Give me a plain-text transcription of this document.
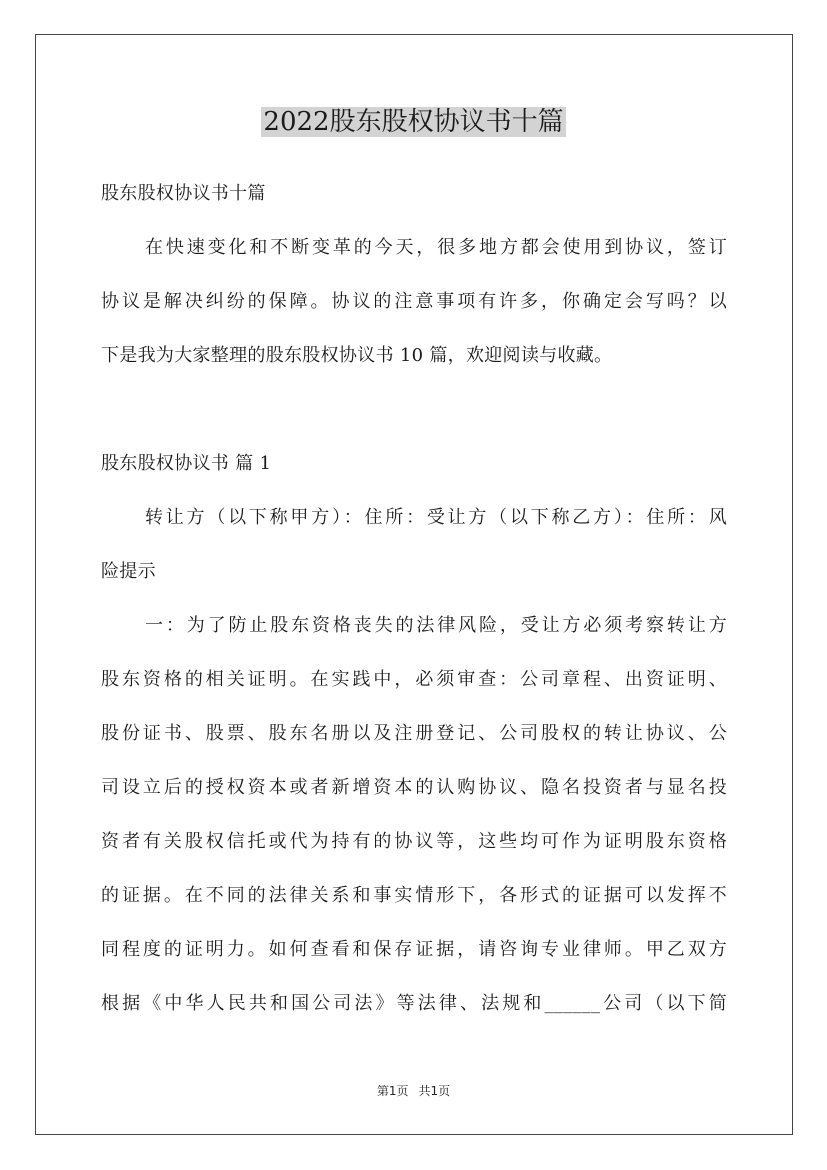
2022股东股权协议书十篇
股东股权协议书十篇
在快速变化和不断变革的今天，很多地方都会使用到协议，签订
协议是解决纠纷的保障。协议的注意事项有许多，你确定会写吗？以
下是我为大家整理的股东股权协议书 10 篇，欢迎阅读与收藏。
股东股权协议书 篇 1
转让方（以下称甲方）：住所：受让方（以下称乙方）：住所：风
险提示
一：为了防止股东资格丧失的法律风险，受让方必须考察转让方
股东资格的相关证明。在实践中，必须审查：公司章程、出资证明、
股份证书、股票、股东名册以及注册登记、公司股权的转让协议、公
司设立后的授权资本或者新增资本的认购协议、隐名投资者与显名投
资者有关股权信托或代为持有的协议等，这些均可作为证明股东资格
的证据。在不同的法律关系和事实情形下，各形式的证据可以发挥不
同程度的证明力。如何查看和保存证据，请咨询专业律师。甲乙双方
根据《中华人民共和国公司法》等法律、法规和______公司（以下简
第1页 共1页
